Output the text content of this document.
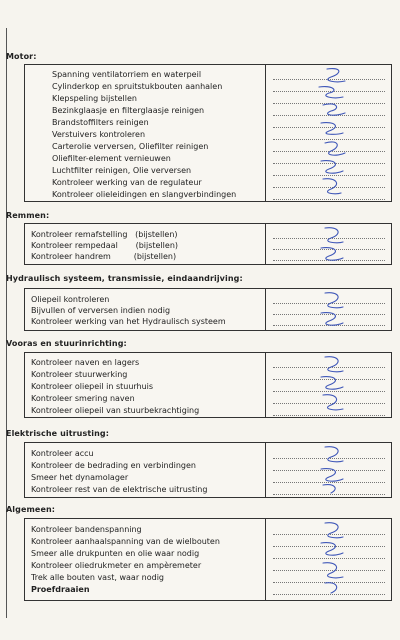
Motor:
Spanning ventilatorriem en waterpeil
Cylinderkop en spruitstukbouten aanhalen
Klepspeling bijstellen
Bezinkglaasje en filterglaasje reinigen
Brandstoffilters reinigen
Verstuivers kontroleren
Carterolie verversen, Oliefilter reinigen
Oliefilter-element vernieuwen
Luchtfilter reinigen, Olie verversen
Kontroleer werking van de regulateur
Kontroleer olieleidingen en slangverbindingen
Remmen:
Kontroleer remafstelling   (bijstellen)
Kontroleer rempedaal       (bijstellen)
Kontroleer handrem         (bijstellen)
Hydraulisch systeem, transmissie, eindaandrijving:
Oliepeil kontroleren
Bijvullen of verversen indien nodig
Kontroleer werking van het Hydraulisch systeem
Vooras en stuurinrichting:
Kontroleer naven en lagers
Kontroleer stuurwerking
Kontroleer oliepeil in stuurhuis
Kontroleer smering naven
Kontroleer oliepeil van stuurbekrachtiging
Elektrische uitrusting:
Kontroleer accu
Kontroleer de bedrading en verbindingen
Smeer het dynamolager
Kontroleer rest van de elektrische uitrusting
Algemeen:
Kontroleer bandenspanning
Kontroleer aanhaalspanning van de wielbouten
Smeer alle drukpunten en olie waar nodig
Kontroleer oliedrukmeter en ampèremeter
Trek alle bouten vast, waar nodig
Proefdraaien
